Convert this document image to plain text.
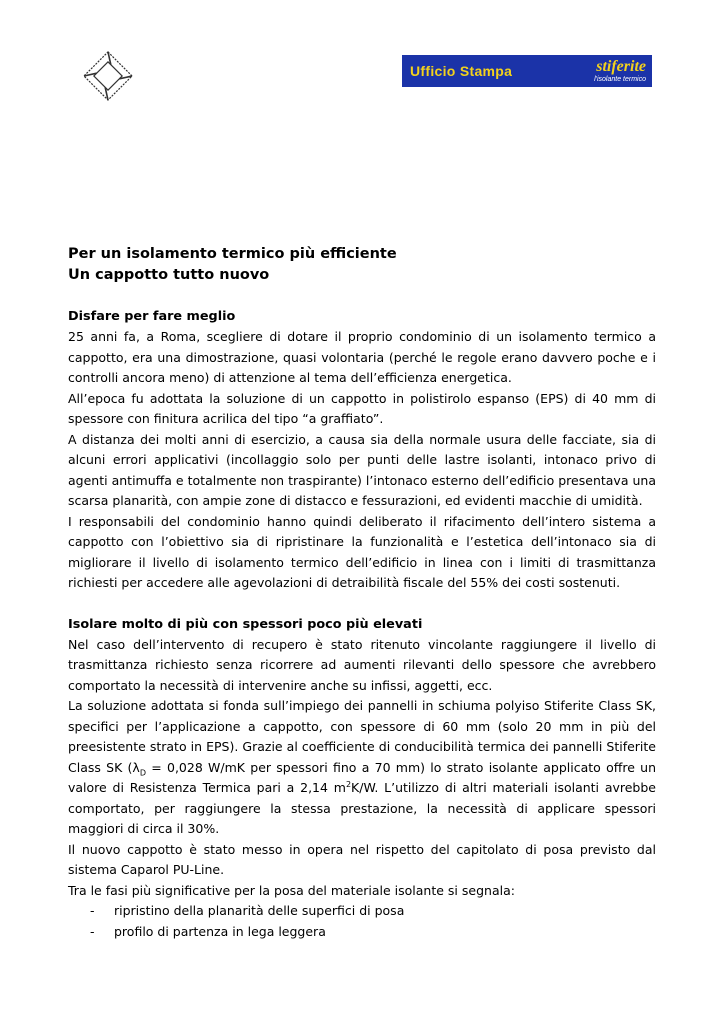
Ufficio Stampa	stiferite
l'isolante termico
Per un isolamento termico più efficiente
Un cappotto tutto nuovo
Disfare per fare meglio

25 anni fa, a Roma, scegliere di dotare il proprio condominio di un isolamento termico a cappotto, era una dimostrazione, quasi volontaria (perché le regole erano davvero poche e i controlli ancora meno) di attenzione al tema dell’efficienza energetica.

All’epoca fu adottata la soluzione di un cappotto in polistirolo espanso (EPS) di 40 mm di spessore con finitura acrilica del tipo “a graffiato”.

A distanza dei molti anni di esercizio, a causa sia della normale usura delle facciate, sia di alcuni errori applicativi (incollaggio solo per punti delle lastre isolanti, intonaco privo di agenti antimuffa e totalmente non traspirante) l’intonaco esterno dell’edificio presentava una scarsa planarità, con ampie zone di distacco e fessurazioni, ed evidenti macchie di umidità.

I responsabili del condominio hanno quindi deliberato il rifacimento dell’intero sistema a cappotto con l’obiettivo sia di ripristinare la funzionalità e l’estetica dell’intonaco sia di migliorare il livello di isolamento termico dell’edificio in linea con i limiti di trasmittanza richiesti per accedere alle agevolazioni di detraibilità fiscale del 55% dei costi sostenuti.

Isolare molto di più con spessori poco più elevati

Nel caso dell’intervento di recupero è stato ritenuto vincolante raggiungere il livello di trasmittanza richiesto senza ricorrere ad aumenti rilevanti dello spessore che avrebbero comportato la necessità di intervenire anche su infissi, aggetti, ecc.

La soluzione adottata si fonda sull’impiego dei pannelli in schiuma polyiso Stiferite Class SK, specifici per l’applicazione a cappotto, con spessore di 60 mm (solo 20 mm in più del preesistente strato in EPS). Grazie al coefficiente di conducibilità termica dei pannelli Stiferite Class SK ($\lambda_D = 0,028$ W/mK per spessori fino a 70 mm) lo strato isolante applicato offre un valore di Resistenza Termica pari a 2,14 $m^2K/W$. L’utilizzo di altri materiali isolanti avrebbe comportato, per raggiungere la stessa prestazione, la necessità di applicare spessori maggiori di circa il 30%.

Il nuovo cappotto è stato messo in opera nel rispetto del capitolato di posa previsto dal sistema Caparol PU-Line.

Tra le fasi più significative per la posa del materiale isolante si segnala:

- ripristino della planarità delle superfici di posa
- profilo di partenza in lega leggera
